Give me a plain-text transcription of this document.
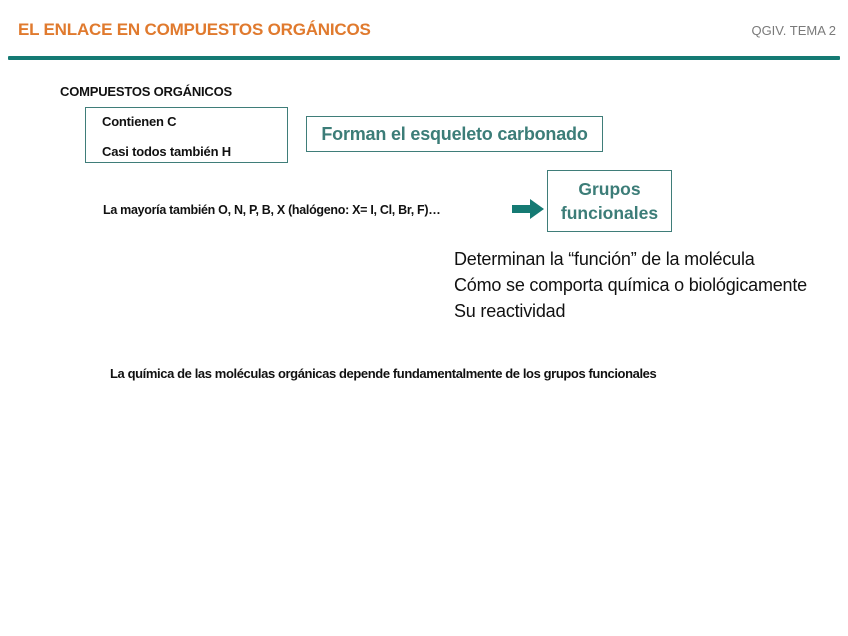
EL ENLACE EN COMPUESTOS ORGÁNICOS	QGIV. TEMA 2
COMPUESTOS ORGÁNICOS
Contienen C
Casi todos también H
Forman el esqueleto carbonado
La mayoría también O, N, P, B, X (halógeno: X= I, Cl, Br, F)…
Grupos
funcionales
Determinan la “función” de la molécula
Cómo se comporta química o biológicamente
Su reactividad
La química de las moléculas orgánicas depende fundamentalmente de los grupos funcionales
